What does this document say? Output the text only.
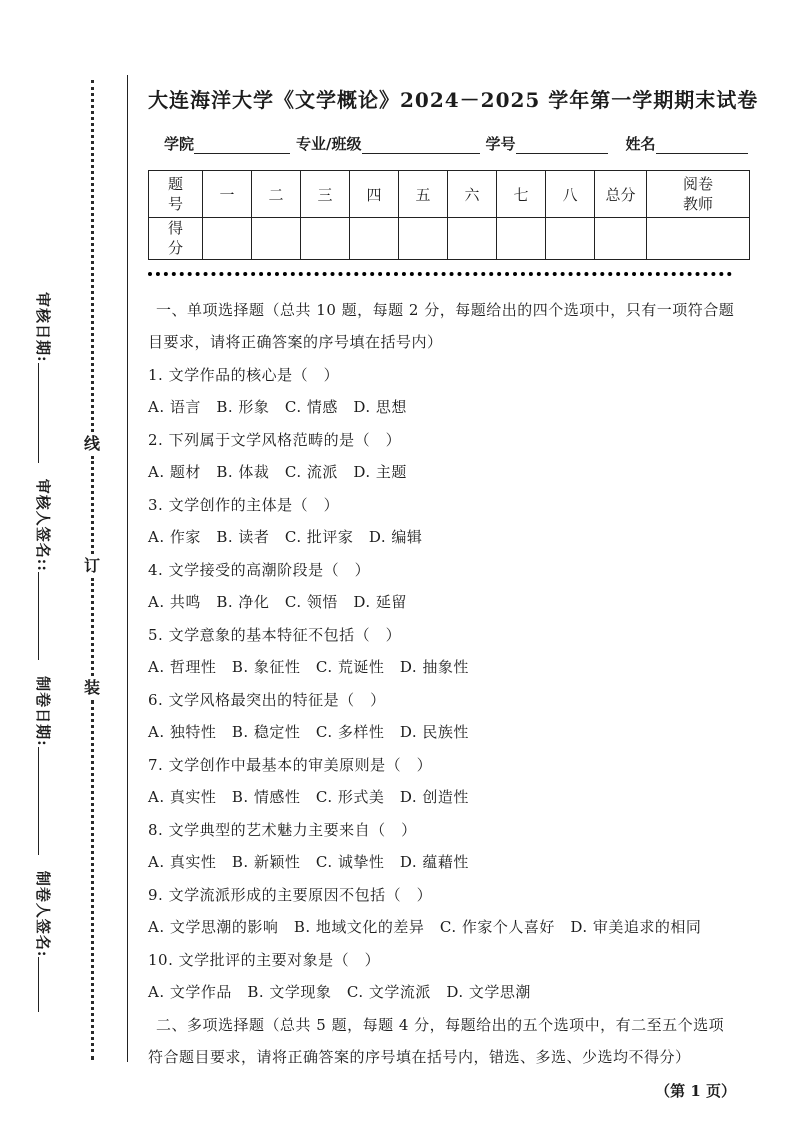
审核日期: 审核人签名:: 制卷日期: 制卷人签名:
线
订
装
大连海洋大学《文学概论》2024－2025 学年第一学期期末试卷
学院	专业/班级	学号	姓名
题号	一	二	三	四	五	六	七	八	总分	阅卷教师
得分										
一、单项选择题（总共 10 题，每题 2 分，每题给出的四个选项中，只有一项符合题
目要求，请将正确答案的序号填在括号内）
1. 文学作品的核心是（　）
A. 语言　B. 形象　C. 情感　D. 思想
2. 下列属于文学风格范畴的是（　）
A. 题材　B. 体裁　C. 流派　D. 主题
3. 文学创作的主体是（　）
A. 作家　B. 读者　C. 批评家　D. 编辑
4. 文学接受的高潮阶段是（　）
A. 共鸣　B. 净化　C. 领悟　D. 延留
5. 文学意象的基本特征不包括（　）
A. 哲理性　B. 象征性　C. 荒诞性　D. 抽象性
6. 文学风格最突出的特征是（　）
A. 独特性　B. 稳定性　C. 多样性　D. 民族性
7. 文学创作中最基本的审美原则是（　）
A. 真实性　B. 情感性　C. 形式美　D. 创造性
8. 文学典型的艺术魅力主要来自（　）
A. 真实性　B. 新颖性　C. 诚挚性　D. 蕴藉性
9. 文学流派形成的主要原因不包括（　）
A. 文学思潮的影响　B. 地域文化的差异　C. 作家个人喜好　D. 审美追求的相同
10. 文学批评的主要对象是（　）
A. 文学作品　B. 文学现象　C. 文学流派　D. 文学思潮
二、多项选择题（总共 5 题，每题 4 分，每题给出的五个选项中，有二至五个选项
符合题目要求，请将正确答案的序号填在括号内，错选、多选、少选均不得分）
（第 1 页）
